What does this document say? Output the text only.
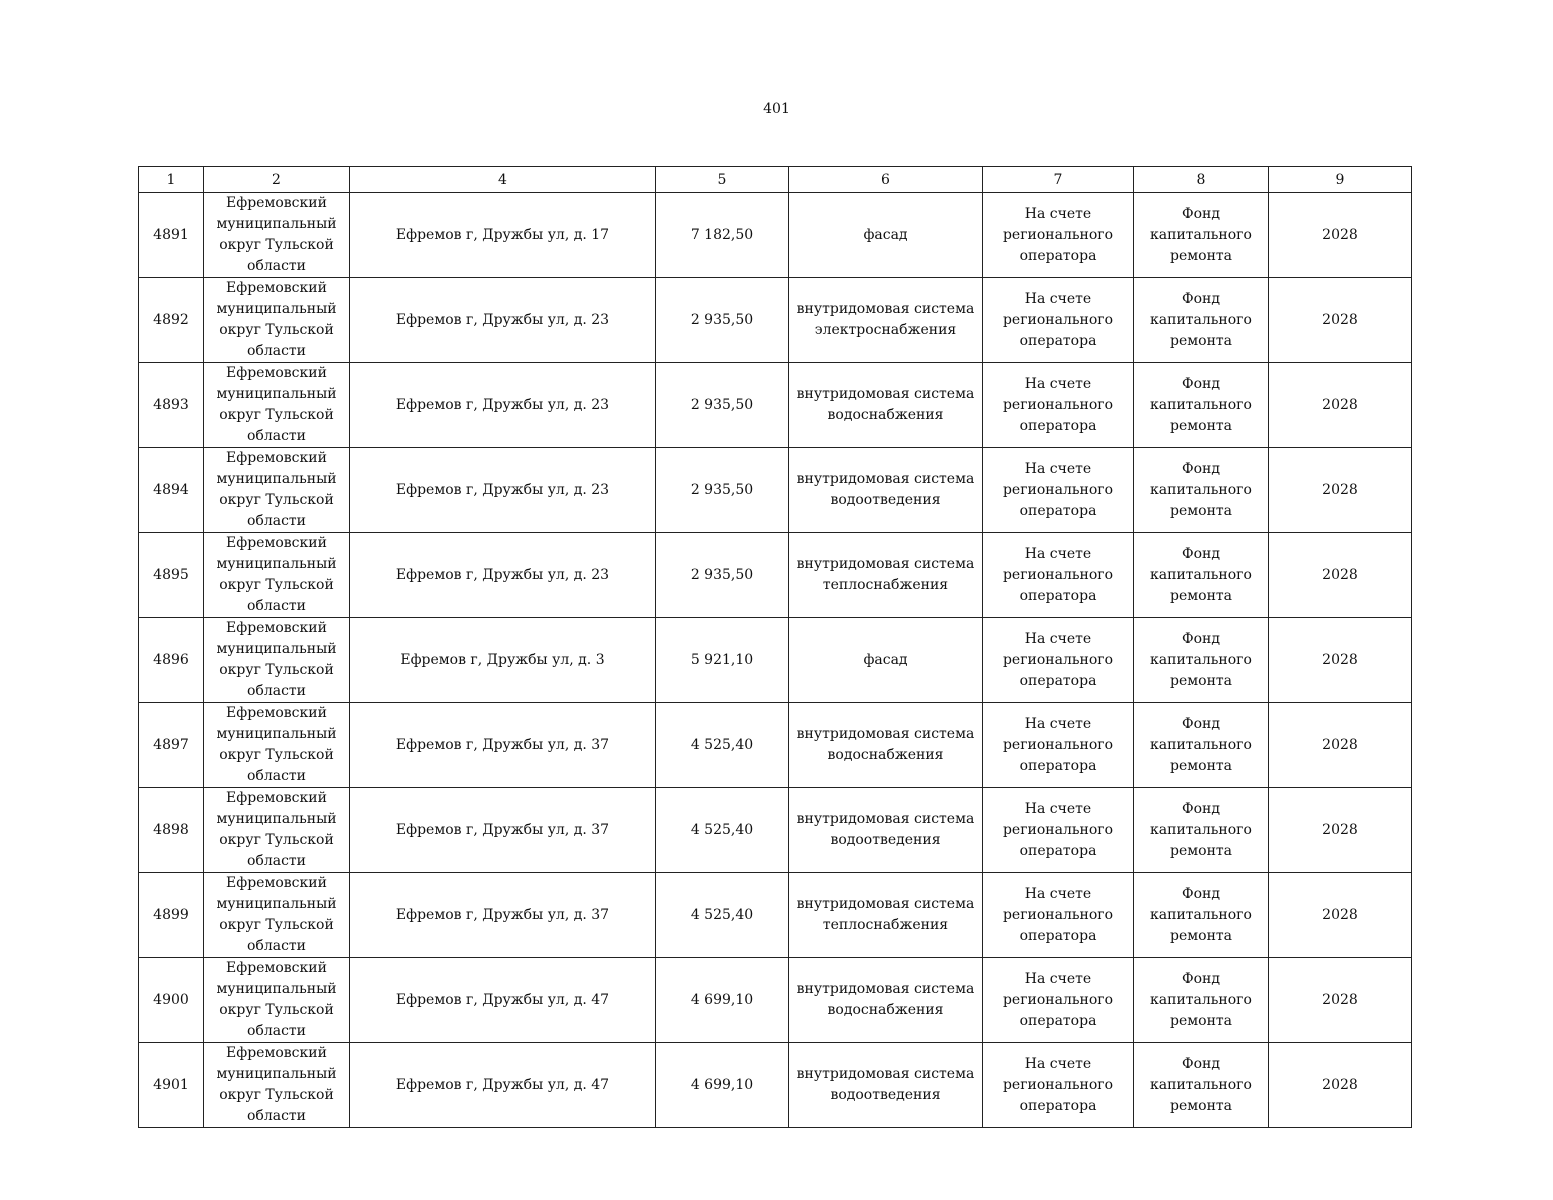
401
1	2	4	5	6	7	8	9
4891	Ефремовский муниципальный округ Тульской области	Ефремов г, Дружбы ул, д. 17	7 182,50	фасад	На счете регионального оператора	Фонд капитального ремонта	2028
4892	Ефремовский муниципальный округ Тульской области	Ефремов г, Дружбы ул, д. 23	2 935,50	внутридомовая система электроснабжения	На счете регионального оператора	Фонд капитального ремонта	2028
4893	Ефремовский муниципальный округ Тульской области	Ефремов г, Дружбы ул, д. 23	2 935,50	внутридомовая система водоснабжения	На счете регионального оператора	Фонд капитального ремонта	2028
4894	Ефремовский муниципальный округ Тульской области	Ефремов г, Дружбы ул, д. 23	2 935,50	внутридомовая система водоотведения	На счете регионального оператора	Фонд капитального ремонта	2028
4895	Ефремовский муниципальный округ Тульской области	Ефремов г, Дружбы ул, д. 23	2 935,50	внутридомовая система теплоснабжения	На счете регионального оператора	Фонд капитального ремонта	2028
4896	Ефремовский муниципальный округ Тульской области	Ефремов г, Дружбы ул, д. 3	5 921,10	фасад	На счете регионального оператора	Фонд капитального ремонта	2028
4897	Ефремовский муниципальный округ Тульской области	Ефремов г, Дружбы ул, д. 37	4 525,40	внутридомовая система водоснабжения	На счете регионального оператора	Фонд капитального ремонта	2028
4898	Ефремовский муниципальный округ Тульской области	Ефремов г, Дружбы ул, д. 37	4 525,40	внутридомовая система водоотведения	На счете регионального оператора	Фонд капитального ремонта	2028
4899	Ефремовский муниципальный округ Тульской области	Ефремов г, Дружбы ул, д. 37	4 525,40	внутридомовая система теплоснабжения	На счете регионального оператора	Фонд капитального ремонта	2028
4900	Ефремовский муниципальный округ Тульской области	Ефремов г, Дружбы ул, д. 47	4 699,10	внутридомовая система водоснабжения	На счете регионального оператора	Фонд капитального ремонта	2028
4901	Ефремовский муниципальный округ Тульской области	Ефремов г, Дружбы ул, д. 47	4 699,10	внутридомовая система водоотведения	На счете регионального оператора	Фонд капитального ремонта	2028
